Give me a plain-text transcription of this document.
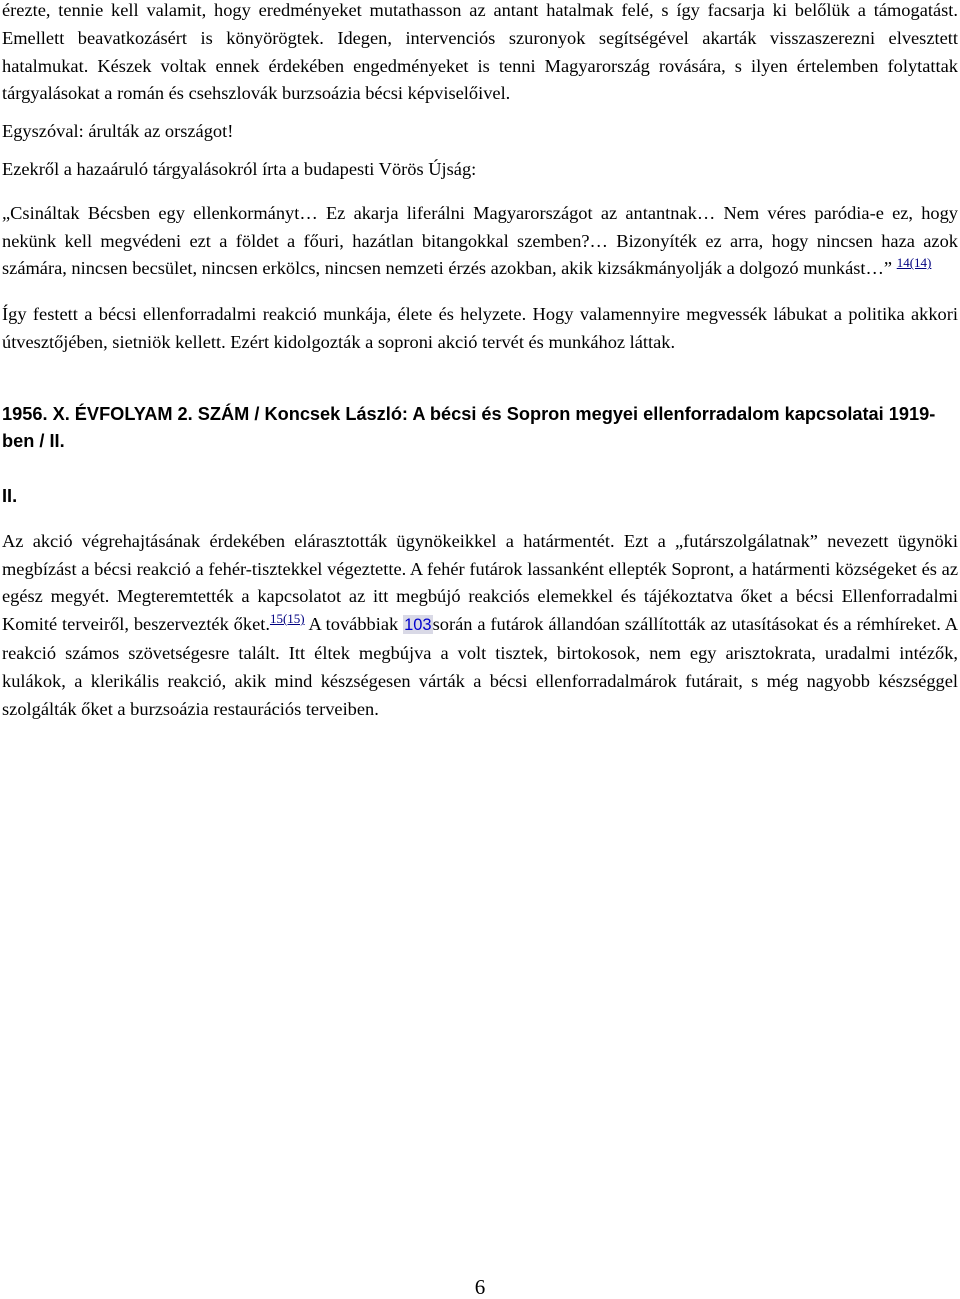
érezte, tennie kell valamit, hogy eredményeket mutathasson az antant hatalmak felé, s így facsarja ki belőlük a támogatást. Emellett beavatkozásért is könyörögtek. Idegen, intervenciós szuronyok segítségével akarták visszaszerezni elvesztett hatalmukat. Készek voltak ennek érdekében engedményeket is tenni Magyarország rovására, s ilyen értelemben folytattak tárgyalásokat a román és csehszlovák burzsoázia bécsi képviselőivel.

Egyszóval: árulták az országot!

Ezekről a hazaáruló tárgyalásokról írta a budapesti Vörös Újság:

„Csináltak Bécsben egy ellenkormányt… Ez akarja liferálni Magyarországot az antantnak… Nem véres paródia-e ez, hogy nekünk kell megvédeni ezt a földet a főuri, hazátlan bitangokkal szemben?… Bizonyíték ez arra, hogy nincsen haza azok számára, nincsen becsület, nincsen erkölcs, nincsen nemzeti érzés azokban, akik kizsákmányolják a dolgozó munkást…” $^{14(14)}$

Így festett a bécsi ellenforradalmi reakció munkája, élete és helyzete. Hogy valamennyire megvessék lábukat a politika akkori útvesztőjében, sietniök kellett. Ezért kidolgozták a soproni akció tervét és munkához láttak.

1956. X. ÉVFOLYAM 2. SZÁM / Koncsek László: A bécsi és Sopron megyei ellenforradalom kapcsolatai 1919-ben / II.
II.

Az akció végrehajtásának érdekében elárasztották ügynökeikkel a határmentét. Ezt a „futárszolgálatnak” nevezett ügynöki megbízást a bécsi reakció a fehér-tisztekkel végeztette. A fehér futárok lassanként ellepték Sopront, a határmenti községeket és az egész megyét. Megteremtették a kapcsolatot az itt megbújó reakciós elemekkel és tájékoztatva őket a bécsi Ellenforradalmi Komité terveiről, beszervezték őket.$^{15(15)}$ A továbbiak 103során a futárok állandóan szállították az utasításokat és a rémhíreket. A reakció számos szövetségesre talált. Itt éltek megbújva a volt tisztek, birtokosok, nem egy arisztokrata, uradalmi intézők, kulákok, a klerikális reakció, akik mind készségesen várták a bécsi ellenforradalmárok futárait, s még nagyobb készséggel szolgálták őket a burzsoázia restaurációs terveiben.

6
